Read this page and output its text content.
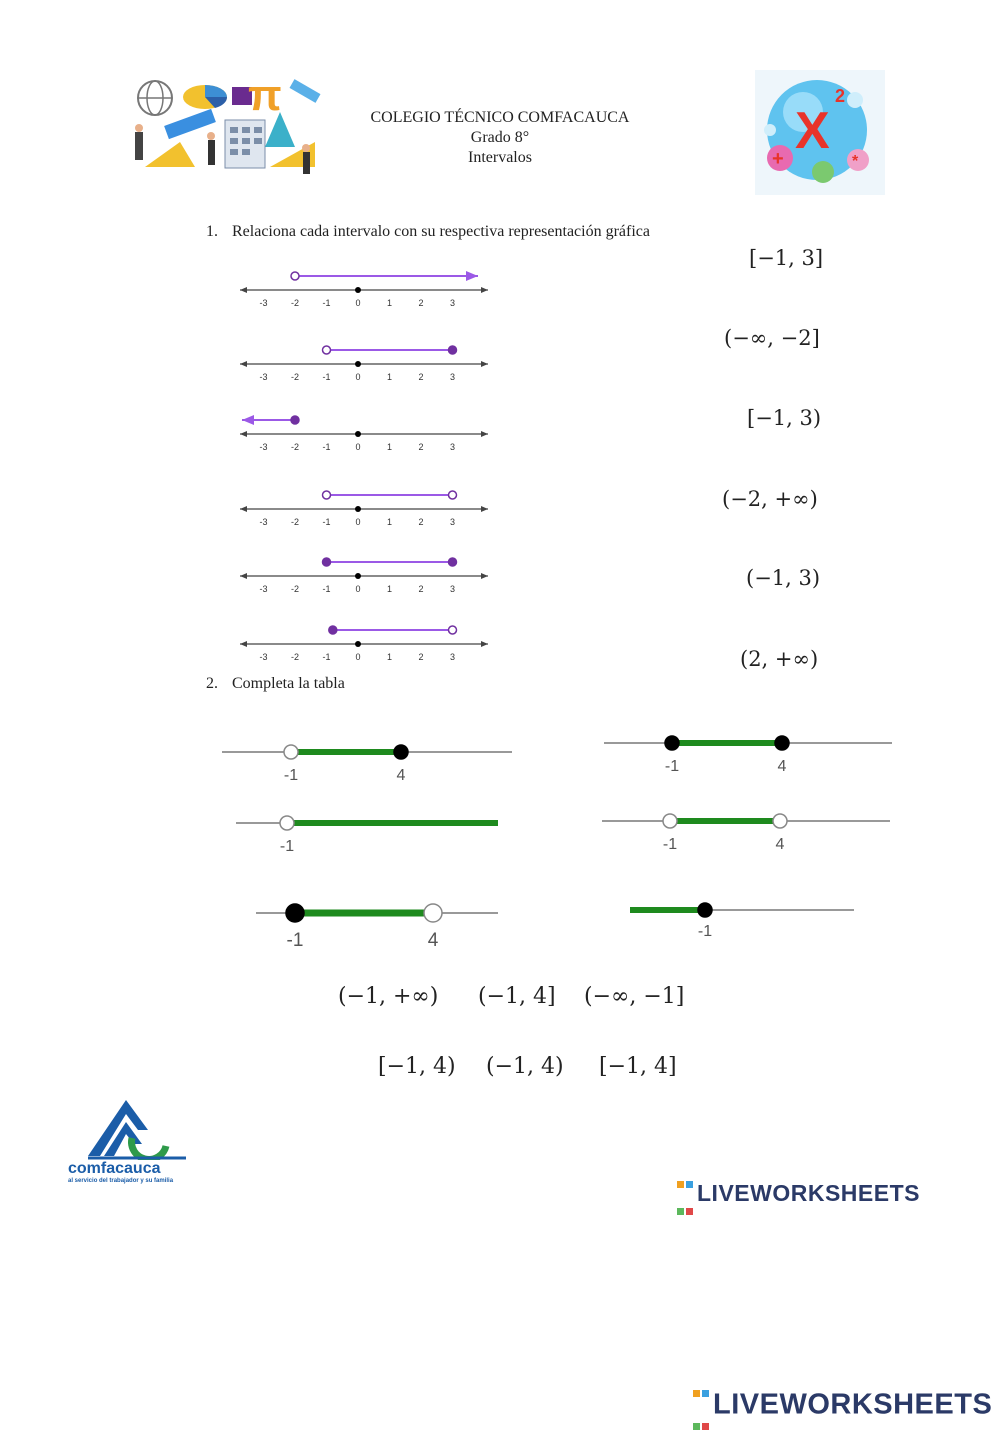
π	COLEGIO TÉCNICO COMFACAUCA
Grado 8°
Intervalos	X
2
+	*
1. Relaciona cada intervalo con su respectiva representación gráfica
-3	-2	-1	0	1	2	3
-3	-2	-1	0	1	2	3
-3	-2	-1	0	1	2	3
-3	-2	-1	0	1	2	3
-3	-2	-1	0	1	2	3
-3	-2	-1	0	1	2	3
[−1, 3]
(−∞, −2]
[−1, 3)
(−2, +∞)
(−1, 3)
(2, +∞)
2. Completa la tabla
-1	4
-1	4
-1	-1	4
-1	4	-1
(−1, +∞) (−1, 4] (−∞, −1]
[−1, 4) (−1, 4) [−1, 4]
comfacauca
al servicio del trabajador y su familia	LIVEWORKSHEETS

LIVEWORKSHEETS
